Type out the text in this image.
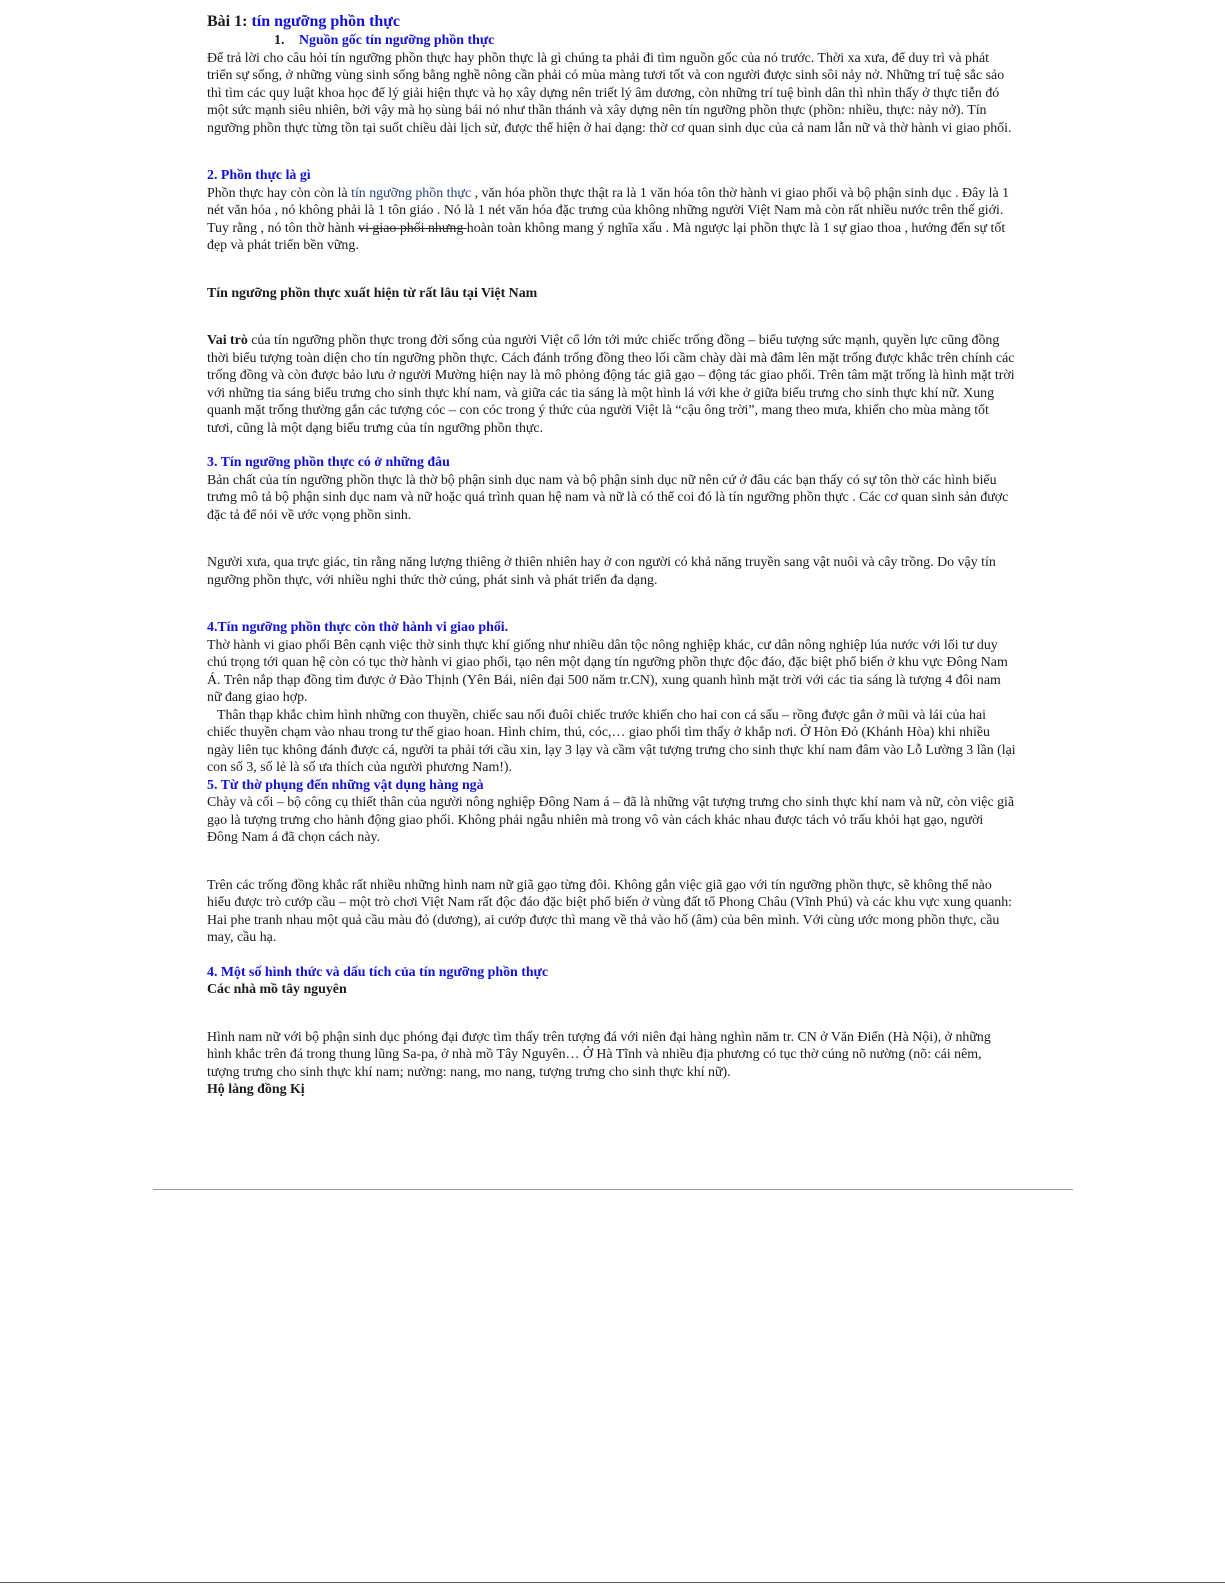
Bài 1: tín ngưỡng phồn thực

1. Nguồn gốc tín ngưỡng phồn thực

Để trả lời cho câu hỏi tín ngưỡng phồn thực hay phồn thực là gì chúng ta phải đi tìm nguồn gốc của nó trước. Thời xa xưa, để duy trì và phát triển sự sống, ở những vùng sinh sống bằng nghề nông cần phải có mùa màng tươi tốt và con người được sinh sôi nảy nở. Những trí tuệ sắc sảo thì tìm các quy luật khoa học để lý giải hiện thực và họ xây dựng nên triết lý âm dương, còn những trí tuệ bình dân thì nhìn thấy ở thực tiễn đó một sức mạnh siêu nhiên, bởi vậy mà họ sùng bái nó như thần thánh và xây dựng nên tín ngưỡng phồn thực (phồn: nhiều, thực: nảy nở). Tín ngưỡng phồn thực từng tồn tại suốt chiều dài lịch sử, được thể hiện ở hai dạng: thờ cơ quan sinh dục của cả nam lẫn nữ và thờ hành vi giao phối.

2. Phồn thực là gì

Phồn thực hay còn còn là tín ngưỡng phồn thực , văn hóa phồn thực thật ra là 1 văn hóa tôn thờ hành vi giao phối và bộ phận sinh dục . Đây là 1 nét văn hóa , nó không phải là 1 tôn giáo . Nó là 1 nét văn hóa đặc trưng của không những người Việt Nam mà còn rất nhiều nước trên thế giới.

Tuy rằng , nó tôn thờ hành vi giao phối nhưng hoàn toàn không mang ý nghĩa xấu . Mà ngược lại phồn thực là 1 sự giao thoa , hướng đến sự tốt đẹp và phát triển bền vững.

Tín ngưỡng phồn thực xuất hiện từ rất lâu tại Việt Nam

Vai trò của tín ngưỡng phồn thực trong đời sống của người Việt cổ lớn tới mức chiếc trống đồng – biểu tượng sức mạnh, quyền lực cũng đồng thời biểu tượng toàn diện cho tín ngưỡng phồn thực. Cách đánh trống đồng theo lối cầm chày dài mà đâm lên mặt trống được khắc trên chính các trống đồng và còn được bảo lưu ở người Mường hiện nay là mô phỏng động tác giã gạo – động tác giao phối. Trên tâm mặt trống là hình mặt trời với những tia sáng biểu trưng cho sinh thực khí nam, và giữa các tia sáng là một hình lá với khe ở giữa biểu trưng cho sinh thực khí nữ. Xung quanh mặt trống thường gắn các tượng cóc – con cóc trong ý thức của người Việt là “cậu ông trời”, mang theo mưa, khiến cho mùa màng tốt tươi, cũng là một dạng biểu trưng của tín ngưỡng phồn thực.

3. Tín ngưỡng phồn thực có ở những đâu

Bản chất của tín ngưỡng phồn thực là thờ bộ phận sinh dục nam và bộ phận sinh dục nữ nên cứ ở đâu các bạn thấy có sự tôn thờ các hình biểu trưng mô tả bộ phận sinh dục nam và nữ hoặc quá trình quan hệ nam và nữ là có thể coi đó là tín ngưỡng phồn thực . Các cơ quan sinh sản được đặc tả để nói về ước vọng phồn sinh.

Người xưa, qua trực giác, tin rằng năng lượng thiêng ở thiên nhiên hay ở con người có khả năng truyền sang vật nuôi và cây trồng. Do vậy tín ngưỡng phồn thực, với nhiều nghi thức thờ cúng, phát sinh và phát triển đa dạng.

4.Tín ngưỡng phồn thực còn thờ hành vi giao phối.

Thờ hành vi giao phối Bên cạnh việc thờ sinh thực khí giống như nhiều dân tộc nông nghiệp khác, cư dân nông nghiệp lúa nước với lối tư duy chú trọng tới quan hệ còn có tục thờ hành vi giao phối, tạo nên một dạng tín ngưỡng phồn thực độc đáo, đặc biệt phổ biến ở khu vực Đông Nam Á. Trên nắp thạp đồng tìm được ở Đào Thịnh (Yên Bái, niên đại 500 năm tr.CN), xung quanh hình mặt trời với các tia sáng là tượng 4 đôi nam nữ đang giao hợp.

Thân thạp khắc chìm hình những con thuyền, chiếc sau nối đuôi chiếc trước khiến cho hai con cá sấu – rồng được gắn ở mũi và lái của hai chiếc thuyền chạm vào nhau trong tư thế giao hoan. Hình chim, thú, cóc,… giao phối tìm thấy ở khắp nơi. Ở Hòn Đỏ (Khánh Hòa) khi nhiều ngày liên tục không đánh được cá, người ta phải tới cầu xin, lạy 3 lạy và cầm vật tượng trưng cho sinh thực khí nam đâm vào Lỗ Lường 3 lần (lại con số 3, số lẻ là số ưa thích của người phương Nam!).

5. Từ thờ phụng đến những vật dụng hàng ngà

Chày và cối – bộ công cụ thiết thân của người nông nghiệp Đông Nam á – đã là những vật tượng trưng cho sinh thực khí nam và nữ, còn việc giã gạo là tượng trưng cho hành động giao phối. Không phải ngẫu nhiên mà trong vô vàn cách khác nhau được tách vỏ trấu khỏi hạt gạo, người Đông Nam á đã chọn cách này.

Trên các trống đồng khắc rất nhiều những hình nam nữ giã gạo từng đôi. Không gắn việc giã gạo với tín ngưỡng phồn thực, sẽ không thể nào hiểu được trò cướp cầu – một trò chơi Việt Nam rất độc đáo đặc biệt phổ biến ở vùng đất tổ Phong Châu (Vĩnh Phú) và các khu vực xung quanh: Hai phe tranh nhau một quả cầu màu đỏ (dương), ai cướp được thì mang về thả vào hố (âm) của bên mình. Với cùng ước mong phồn thực, cầu may, cầu hạ.

4. Một số hình thức và dấu tích của tín ngưỡng phồn thực

Các nhà mồ tây nguyên

Hình nam nữ với bộ phận sinh dục phóng đại được tìm thấy trên tượng đá với niên đại hàng nghìn năm tr. CN ở Văn Điển (Hà Nội), ở những hình khắc trên đá trong thung lũng Sa-pa, ở nhà mồ Tây Nguyên… Ở Hà Tĩnh và nhiều địa phương có tục thờ cúng nõ nường (nõ: cái nêm, tượng trưng cho sinh thực khí nam; nường: nang, mo nang, tượng trưng cho sinh thực khí nữ).

Hộ làng đồng Kị
